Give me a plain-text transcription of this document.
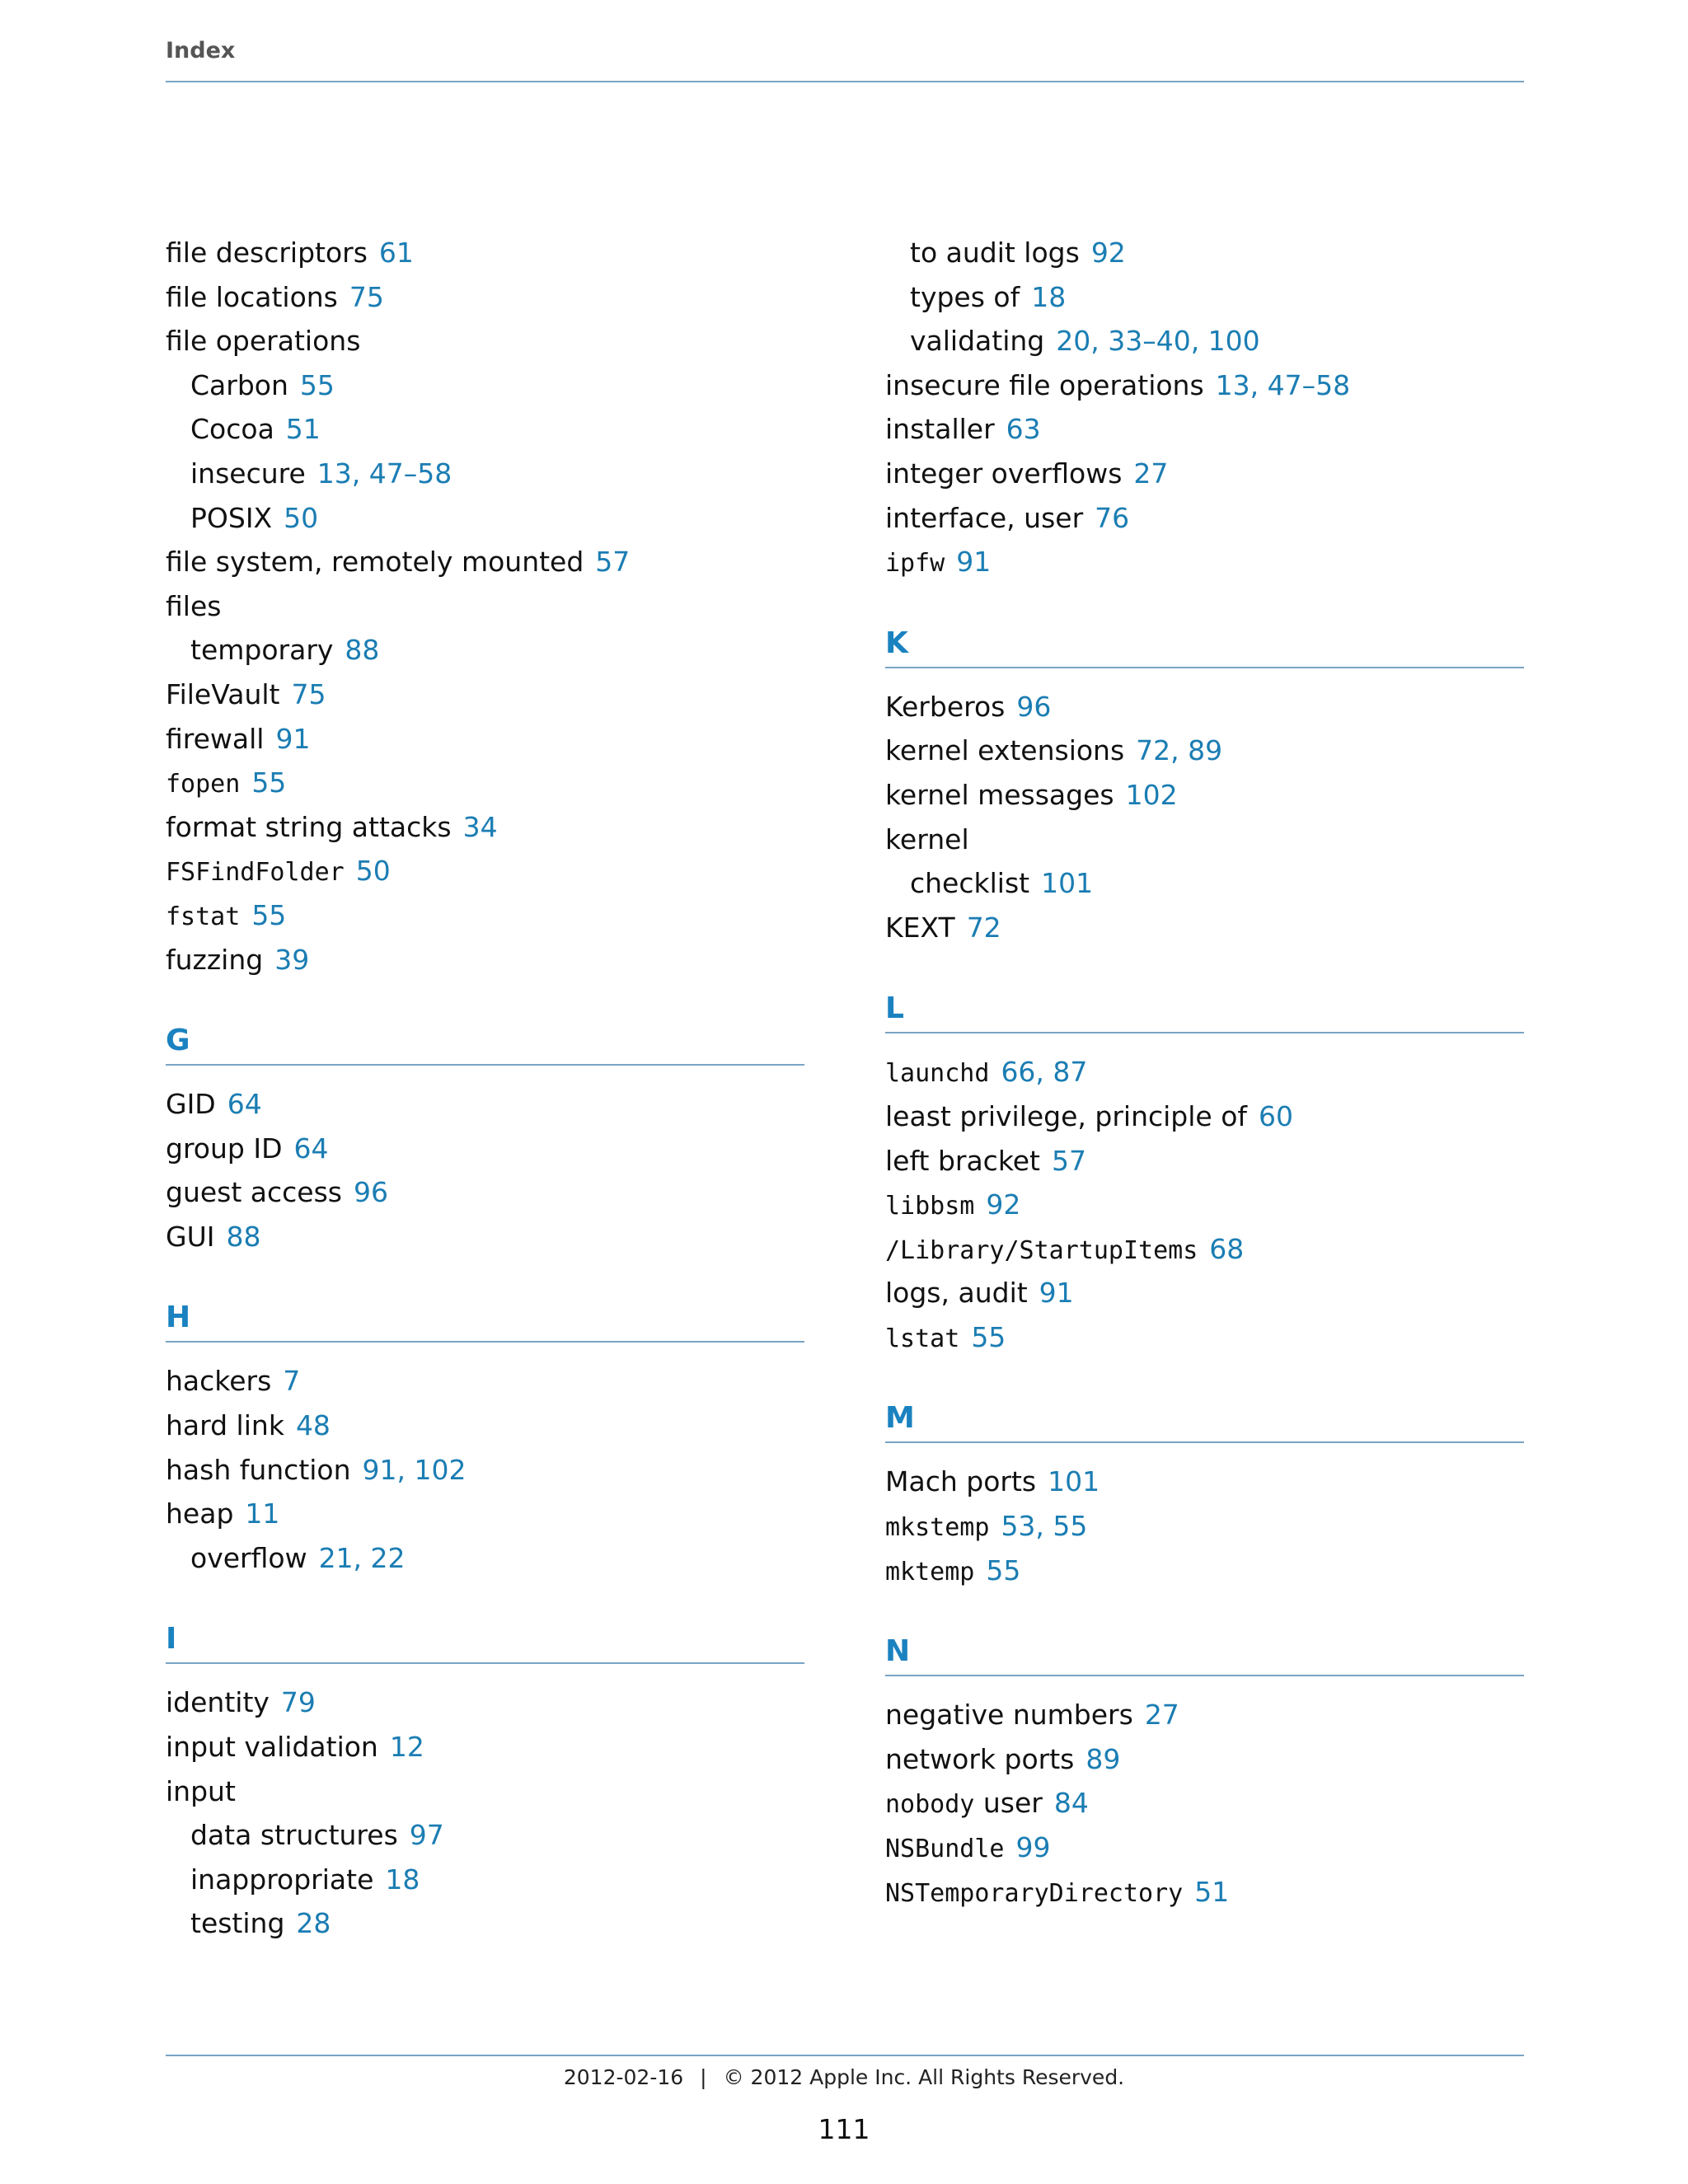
Index
file descriptors 61
file locations 75
file operations
Carbon 55
Cocoa 51
insecure 13, 47–58
POSIX 50
file system, remotely mounted 57
files
temporary 88
FileVault 75
firewall 91
fopen 55
format string attacks 34
FSFindFolder 50
fstat 55
fuzzing 39
G
GID 64
group ID 64
guest access 96
GUI 88
H
hackers 7
hard link 48
hash function 91, 102
heap 11
overflow 21, 22
I
identity 79
input validation 12
input
data structures 97
inappropriate 18
testing 28
to audit logs 92
types of 18
validating 20, 33–40, 100
insecure file operations 13, 47–58
installer 63
integer overflows 27
interface, user 76
ipfw 91
K
Kerberos 96
kernel extensions 72, 89
kernel messages 102
kernel
checklist 101
KEXT 72
L
launchd 66, 87
least privilege, principle of 60
left bracket 57
libbsm 92
/Library/StartupItems 68
logs, audit 91
lstat 55
M
Mach ports 101
mkstemp 53, 55
mktemp 55
N
negative numbers 27
network ports 89
nobody user 84
NSBundle 99
NSTemporaryDirectory 51
2012-02-16 | © 2012 Apple Inc. All Rights Reserved.
111
